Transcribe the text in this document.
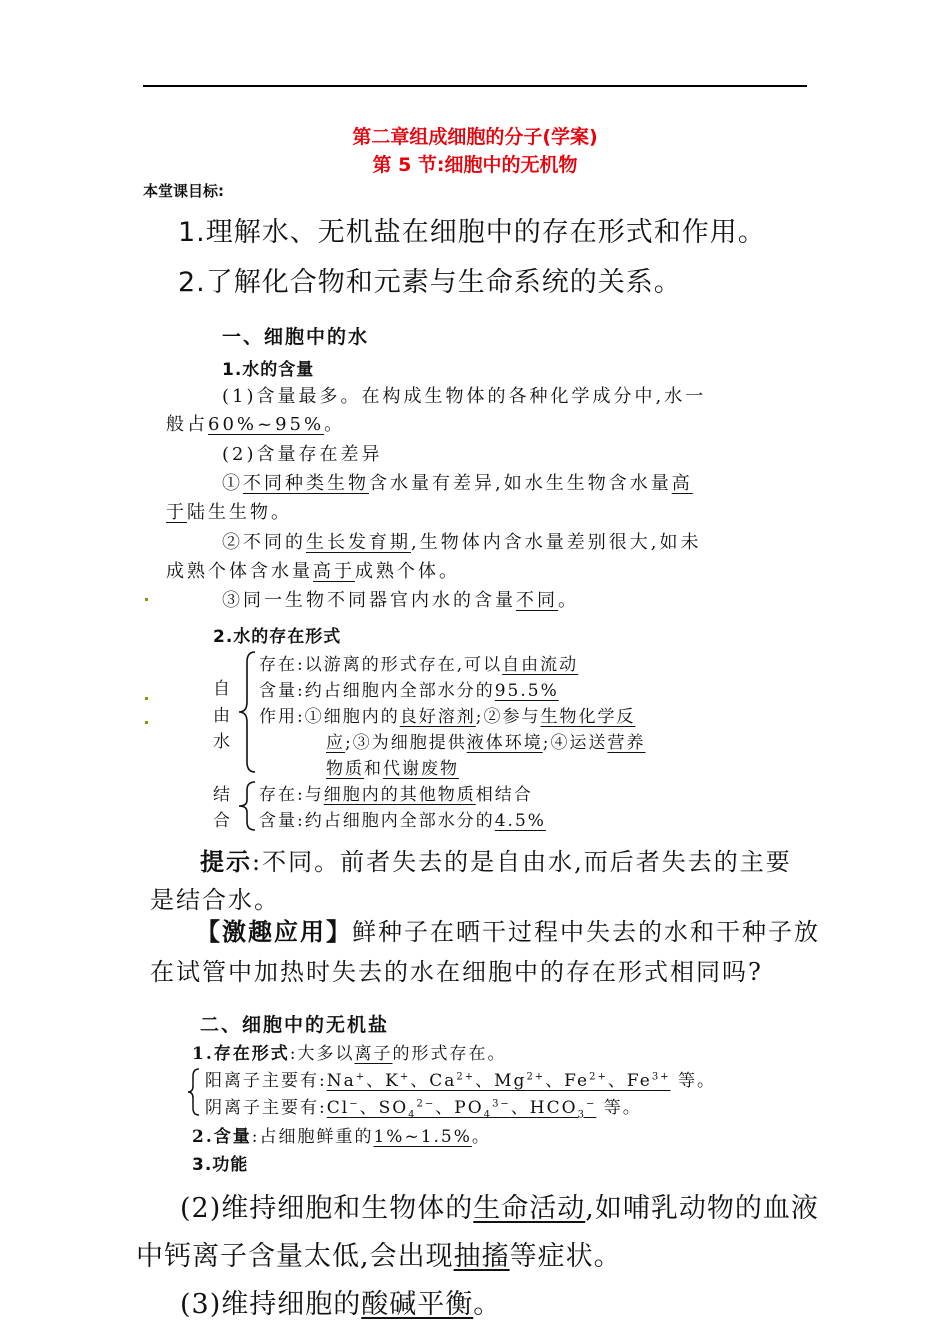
第二章组成细胞的分子(学案)
第 5 节:细胞中的无机物
本堂课目标:
1.理解水、无机盐在细胞中的存在形式和作用。
2.了解化合物和元素与生命系统的关系。
一、细胞中的水
1.水的含量
(1)含量最多。在构成生物体的各种化学成分中,水一
般占60%~95%。
(2)含量存在差异
①不同种类生物含水量有差异,如水生生物含水量高
于陆生生物。
②不同的生长发育期,生物体内含水量差别很大,如未
成熟个体含水量高于成熟个体。
③同一生物不同器官内水的含量不同。
2.水的存在形式
自
由
水
存在:以游离的形式存在,可以自由流动
含量:约占细胞内全部水分的95.5%
作用:①细胞内的良好溶剂;②参与生物化学反
应;③为细胞提供液体环境;④运送营养
物质和代谢废物
结
合
存在:与细胞内的其他物质相结合
含量:约占细胞内全部水分的4.5%
提示:不同。前者失去的是自由水,而后者失去的主要
是结合水。
【激趣应用】鲜种子在晒干过程中失去的水和干种子放
在试管中加热时失去的水在细胞中的存在形式相同吗?
二、细胞中的无机盐
1.存在形式:大多以离子的形式存在。
阳离子主要有:Na+、K+、$Ca^{2+}$、$Mg^{2+}$、$Fe^{2+}$、$Fe^{3+}$ 等。
阴离子主要有:Cl−、$SO_4^{2-}$、$PO_4^{3-}$、$HCO_3^-$ 等。
2.含量:占细胞鲜重的1%~1.5%。
3.功能
(2)维持细胞和生物体的生命活动,如哺乳动物的血液
中钙离子含量太低,会出现抽搐等症状。
(3)维持细胞的酸碱平衡。
